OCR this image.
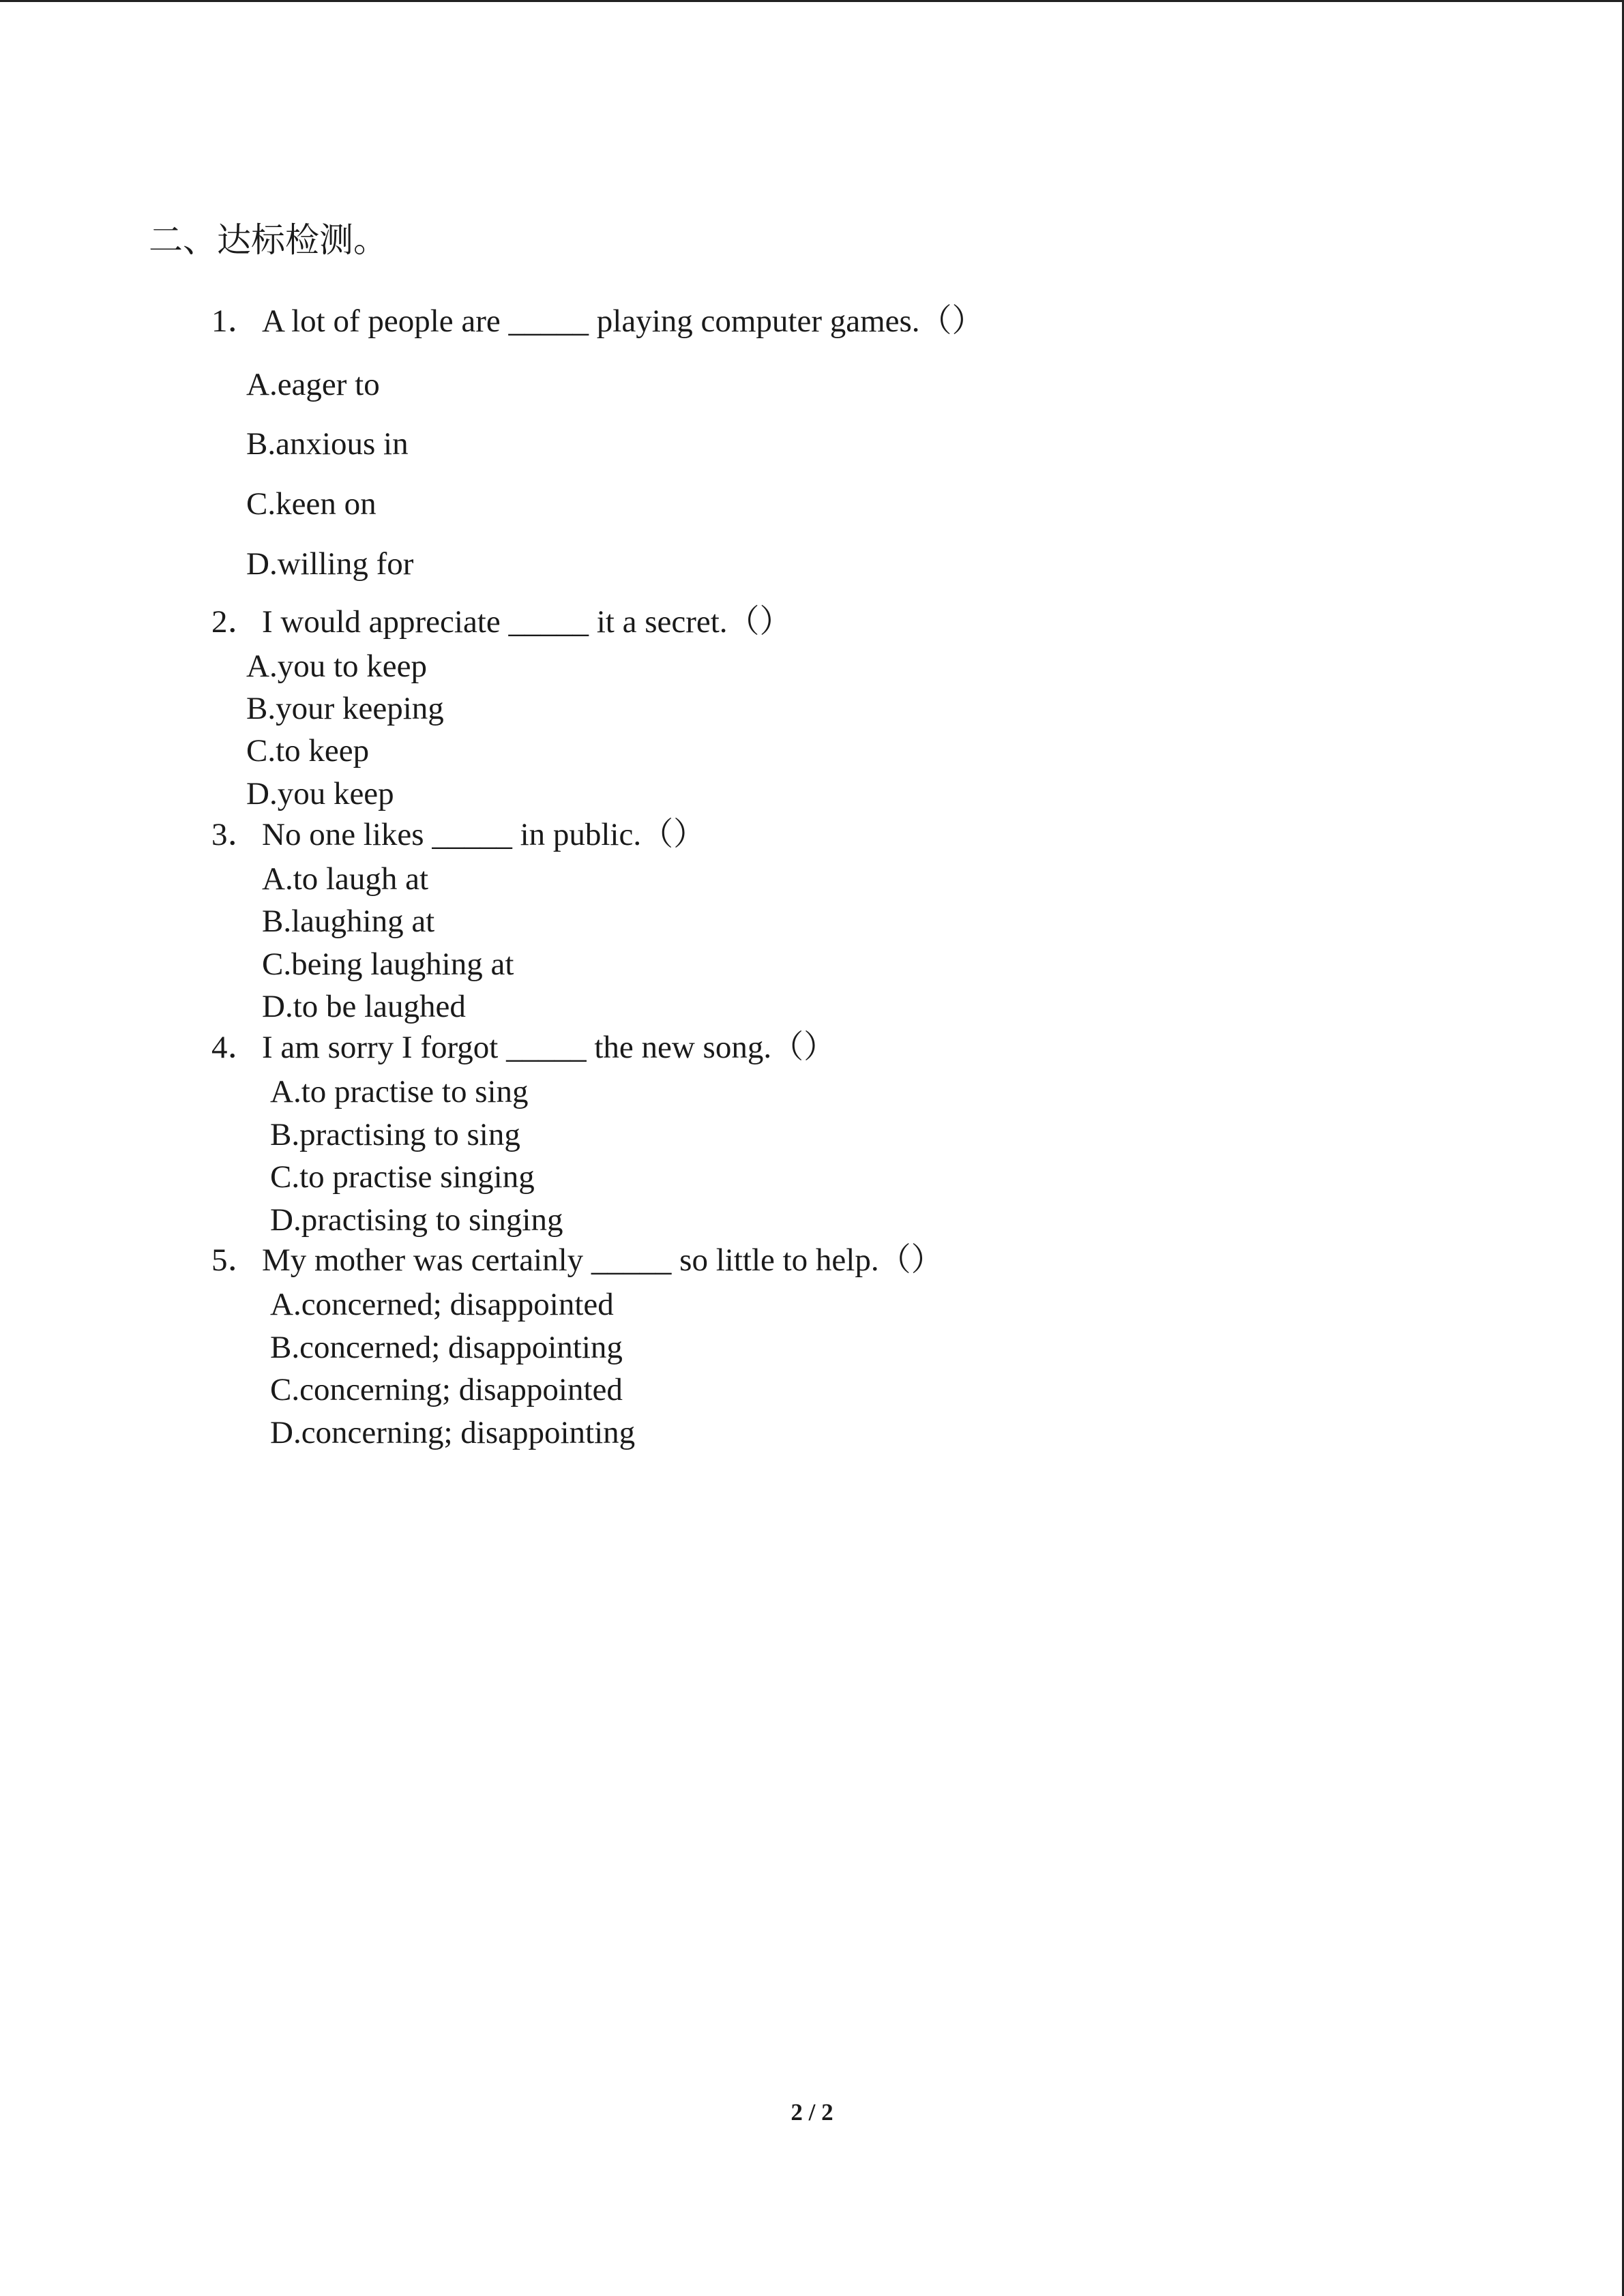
二、达标检测。
1．A lot of people are _____ playing computer games.（）
A.eager to
B.anxious in
C.keen on
D.willing for
2．I would appreciate _____ it a secret.（）
A.you to keep
B.your keeping
C.to keep
D.you keep
3．No one likes _____ in public.（）
A.to laugh at
B.laughing at
C.being laughing at
D.to be laughed
4．I am sorry I forgot _____ the new song.（）
A.to practise to sing
B.practising to sing
C.to practise singing
D.practising to singing
5．My mother was certainly _____ so little to help.（）
A.concerned; disappointed
B.concerned; disappointing
C.concerning; disappointed
D.concerning; disappointing
2 / 2
